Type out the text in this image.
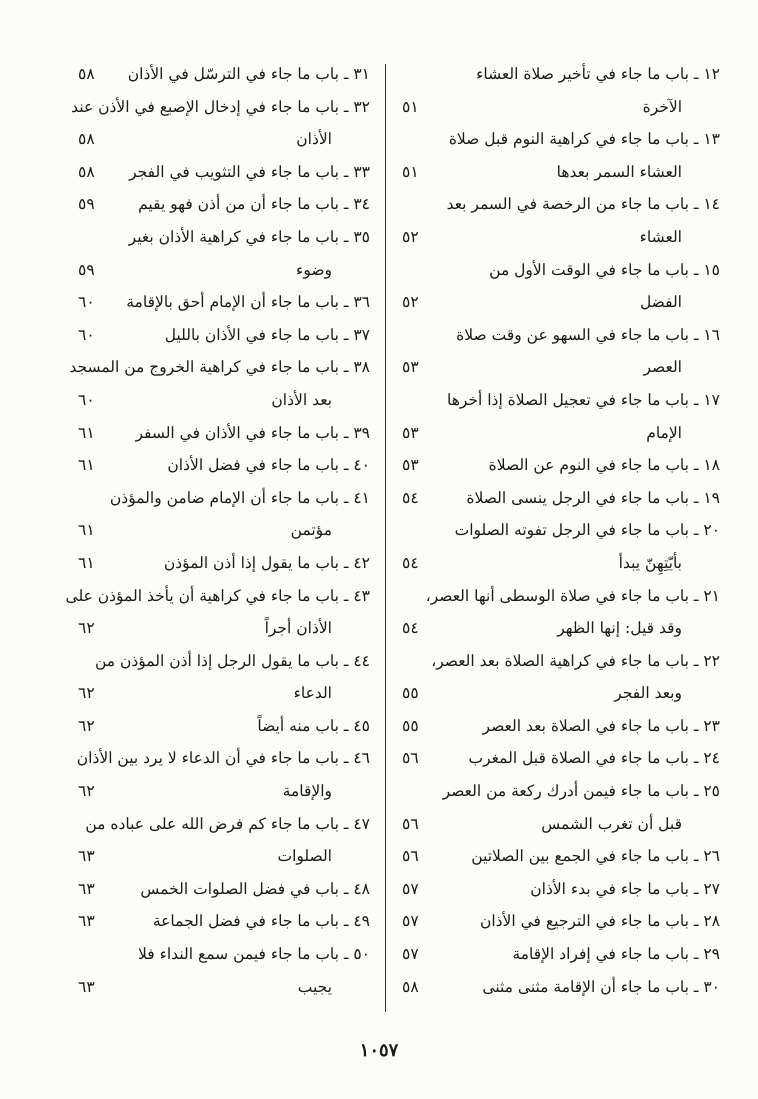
١٢ ـ باب ما جاء في تأخير صلاة العشاء
الآخرة
٥١
١٣ ـ باب ما جاء في كراهية النوم قبل صلاة
العشاء السمر بعدها
٥١
١٤ ـ باب ما جاء من الرخصة في السمر بعد
العشاء
٥٢
١٥ ـ باب ما جاء في الوقت الأول من
الفضل
٥٢
١٦ ـ باب ما جاء في السهو عن وقت صلاة
العصر
٥٣
١٧ ـ باب ما جاء في تعجيل الصلاة إذا أخرها
الإمام
٥٣
١٨ ـ باب ما جاء في النوم عن الصلاة
٥٣
١٩ ـ باب ما جاء في الرجل ينسى الصلاة
٥٤
٢٠ ـ باب ما جاء في الرجل تفوته الصلوات
بأيّتِهِنّ يبدأ
٥٤
٢١ ـ باب ما جاء في صلاة الوسطى أنها العصر،
وقد قيل: إنها الظهر
٥٤
٢٢ ـ باب ما جاء في كراهية الصلاة بعد العصر،
وبعد الفجر
٥٥
٢٣ ـ باب ما جاء في الصلاة بعد العصر
٥٥
٢٤ ـ باب ما جاء في الصلاة قبل المغرب
٥٦
٢٥ ـ باب ما جاء فيمن أدرك ركعة من العصر
قبل أن تغرب الشمس
٥٦
٢٦ ـ باب ما جاء في الجمع بين الصلاتين
٥٦
٢٧ ـ باب ما جاء في بدء الأذان
٥٧
٢٨ ـ باب ما جاء في الترجيع في الأذان
٥٧
٢٩ ـ باب ما جاء في إفراد الإقامة
٥٧
٣٠ ـ باب ما جاء أن الإقامة مثنى مثنى
٥٨
٣١ ـ باب ما جاء في الترسّل في الأذان
٥٨
٣٢ ـ باب ما جاء في إدخال الإصبع في الأذن عند
الأذان
٥٨
٣٣ ـ باب ما جاء في التثويب في الفجر
٥٨
٣٤ ـ باب ما جاء أن من أذن فهو يقيم
٥٩
٣٥ ـ باب ما جاء في كراهية الأذان بغير
وضوء
٥٩
٣٦ ـ باب ما جاء أن الإمام أحق بالإقامة
٦٠
٣٧ ـ باب ما جاء في الأذان بالليل
٦٠
٣٨ ـ باب ما جاء في كراهية الخروج من المسجد
بعد الأذان
٦٠
٣٩ ـ باب ما جاء في الأذان في السفر
٦١
٤٠ ـ باب ما جاء في فضل الأذان
٦١
٤١ ـ باب ما جاء أن الإمام ضامن والمؤذن
مؤتمن
٦١
٤٢ ـ باب ما يقول إذا أذن المؤذن
٦١
٤٣ ـ باب ما جاء في كراهية أن يأخذ المؤذن على
الأذان أجراً
٦٢
٤٤ ـ باب ما يقول الرجل إذا أذن المؤذن من
الدعاء
٦٢
٤٥ ـ باب منه أيضاً
٦٢
٤٦ ـ باب ما جاء في أن الدعاء لا يرد بين الأذان
والإقامة
٦٢
٤٧ ـ باب ما جاء كم فرض الله على عباده من
الصلوات
٦٣
٤٨ ـ باب في فضل الصلوات الخمس
٦٣
٤٩ ـ باب ما جاء في فضل الجماعة
٦٣
٥٠ ـ باب ما جاء فيمن سمع النداء فلا
يجيب
٦٣
١٠٥٧
